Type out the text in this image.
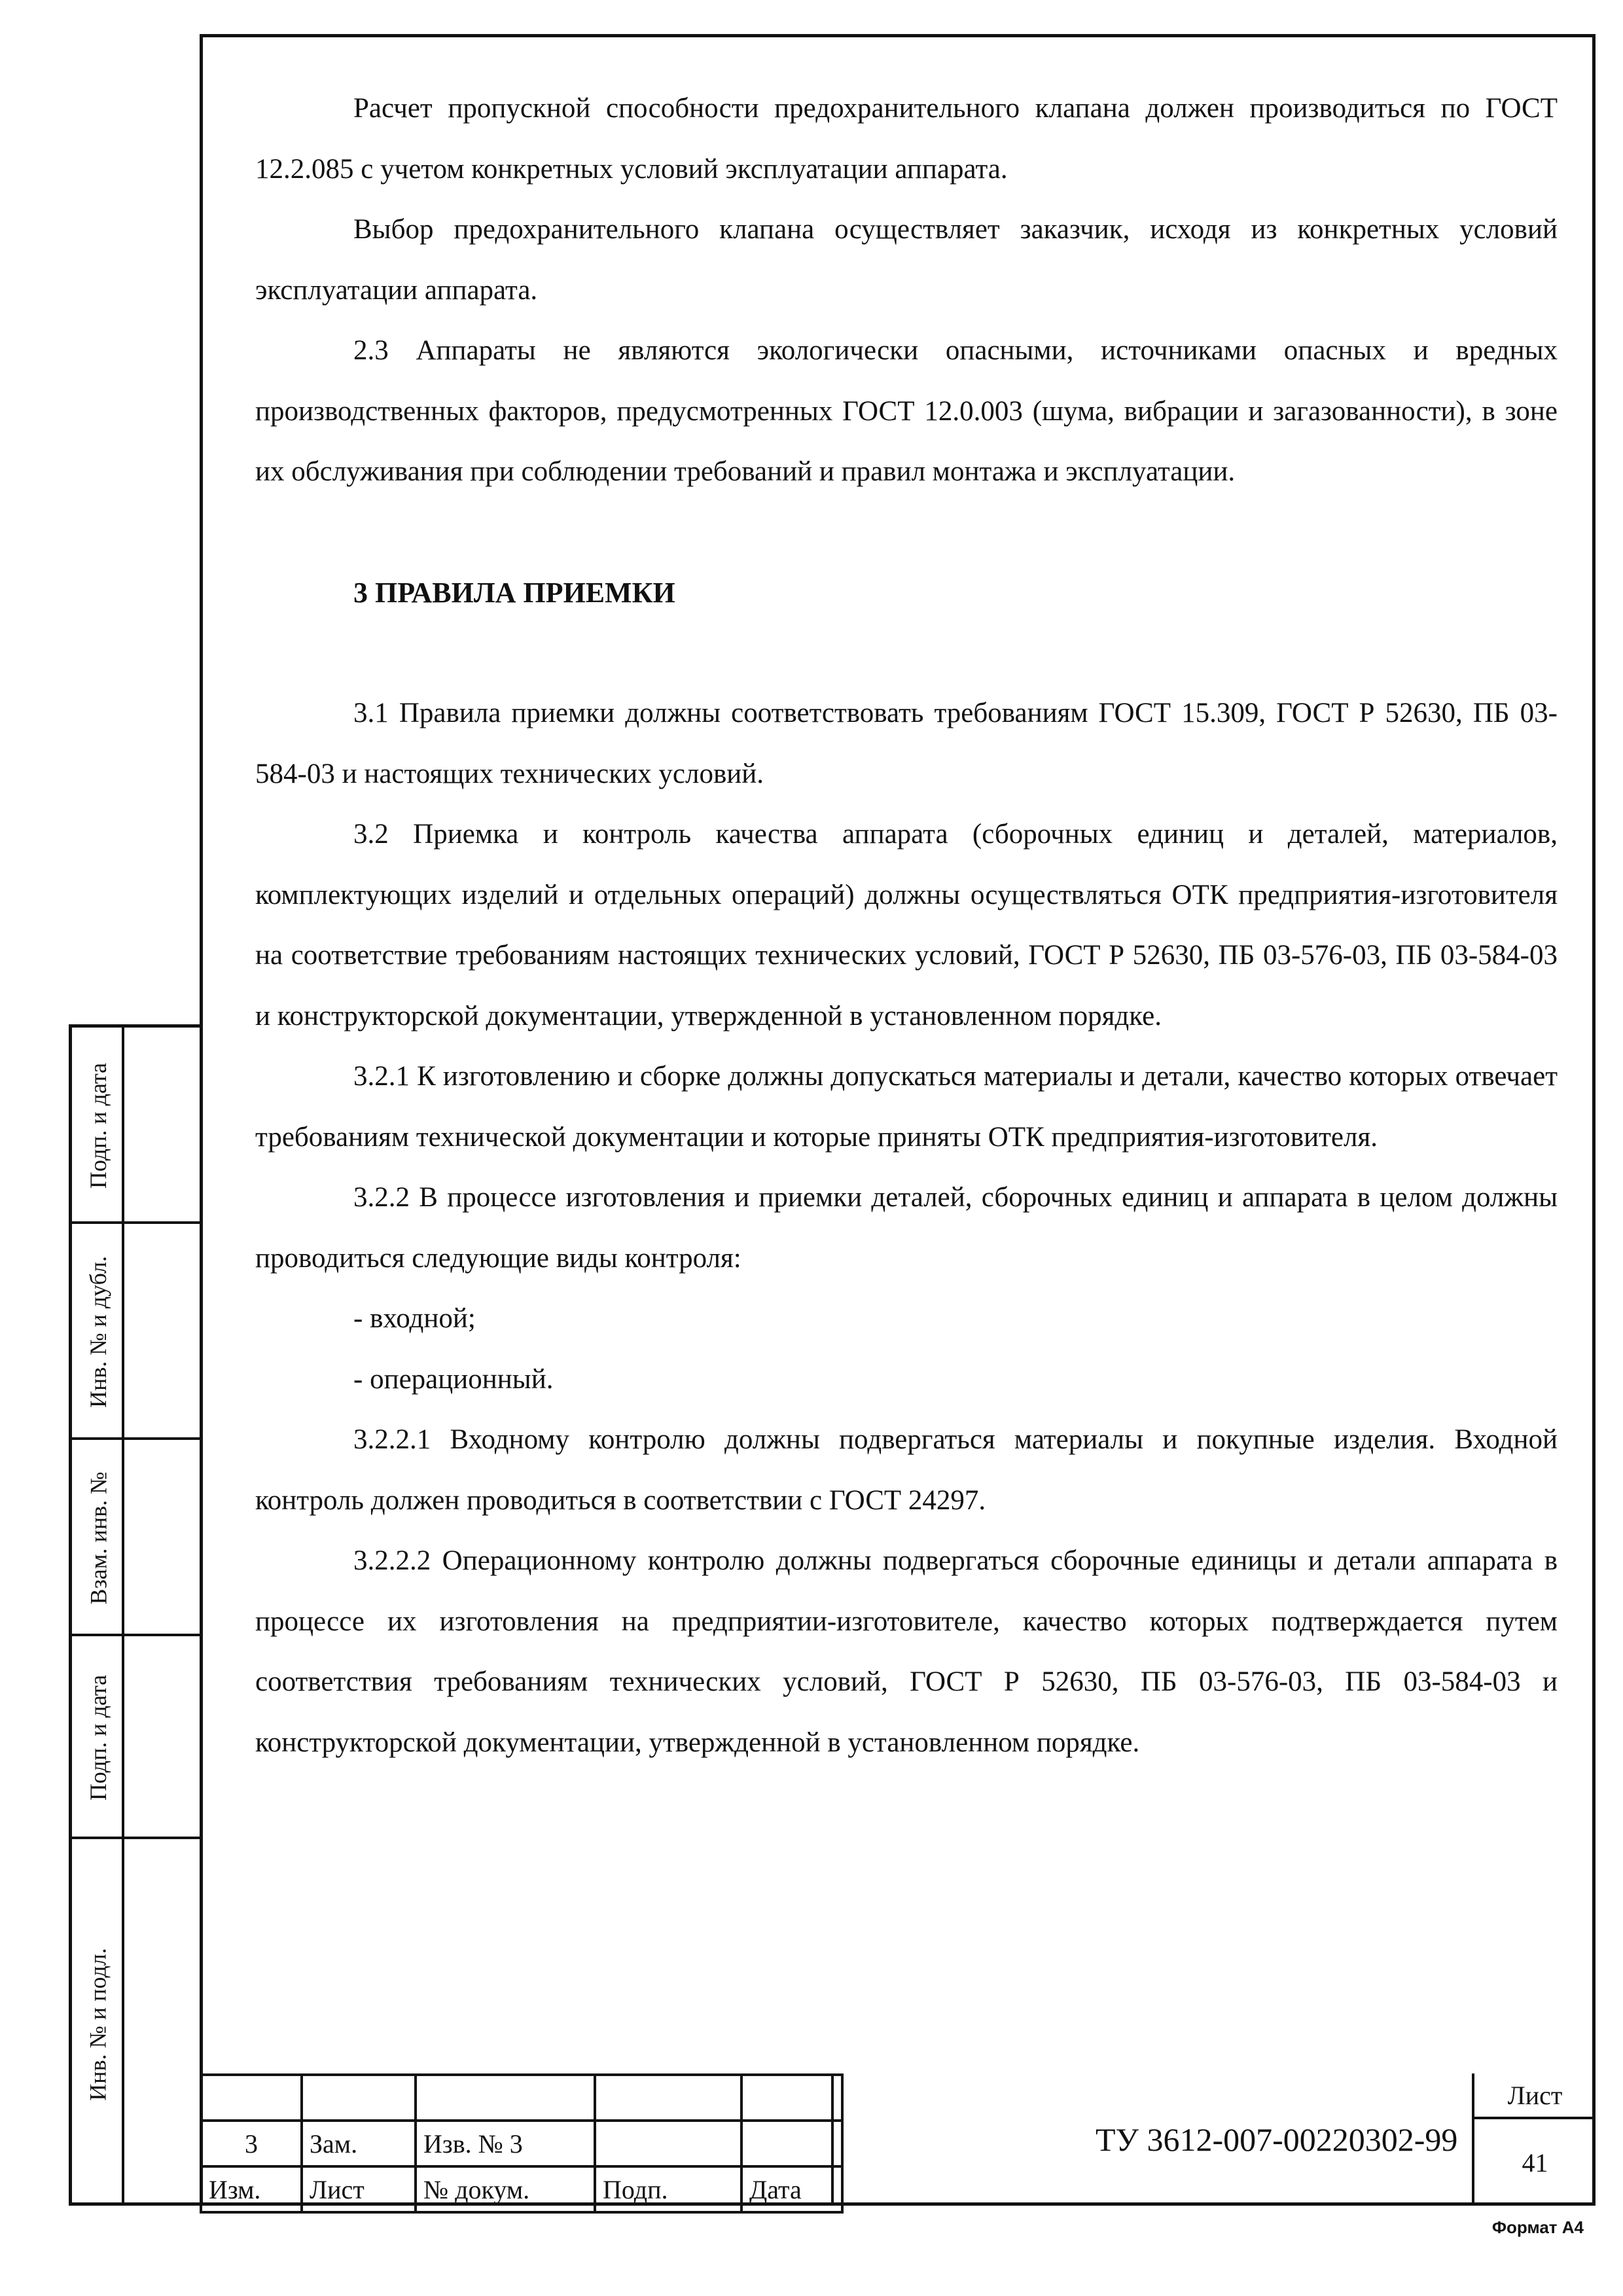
Расчет пропускной способности предохранительного клапана должен производиться по ГОСТ 12.2.085 с учетом конкретных условий эксплуатации аппарата.

Выбор предохранительного клапана осуществляет заказчик, исходя из конкретных условий эксплуатации аппарата.

2.3 Аппараты не являются экологически опасными, источниками опасных и вредных производственных факторов, предусмотренных ГОСТ 12.0.003 (шума, вибрации и загазованности), в зоне их обслуживания при соблюдении требований и правил монтажа и эксплуатации.

3 ПРАВИЛА ПРИЕМКИ

3.1 Правила приемки должны соответствовать требованиям ГОСТ 15.309, ГОСТ Р 52630, ПБ 03-584-03 и настоящих технических условий.

3.2 Приемка и контроль качества аппарата (сборочных единиц и деталей, материалов, комплектующих изделий и отдельных операций) должны осуществляться ОТК предприятия-изготовителя на соответствие требованиям настоящих технических условий, ГОСТ Р 52630, ПБ 03-576-03, ПБ 03-584-03 и конструкторской документации, утвержденной в установленном порядке.

3.2.1 К изготовлению и сборке должны допускаться материалы и детали, качество которых отвечает требованиям технической документации и которые приняты ОТК предприятия-изготовителя.

3.2.2 В процессе изготовления и приемки деталей, сборочных единиц и аппарата в целом должны проводиться следующие виды контроля:

- входной;

- операционный.

3.2.2.1 Входному контролю должны подвергаться материалы и покупные изделия. Входной контроль должен проводиться в соответствии с ГОСТ 24297.

3.2.2.2 Операционному контролю должны подвергаться сборочные единицы и детали аппарата в процессе их изготовления на предприятии-изготовителе, качество которых подтверждается путем соответствия требованиям технических условий, ГОСТ Р 52630, ПБ 03-576-03, ПБ 03-584-03 и конструкторской документации, утвержденной в установленном порядке.

Подп. и дата
Инв. № и дубл.
Взам. инв. №
Подп. и дата
Инв. № и подл.

3	Зам.	Изв. № 3		
Изм.	Лист	№ докум.	Подп.	Дата
ТУ 3612-007-00220302-99
Лист
41
Формат А4
